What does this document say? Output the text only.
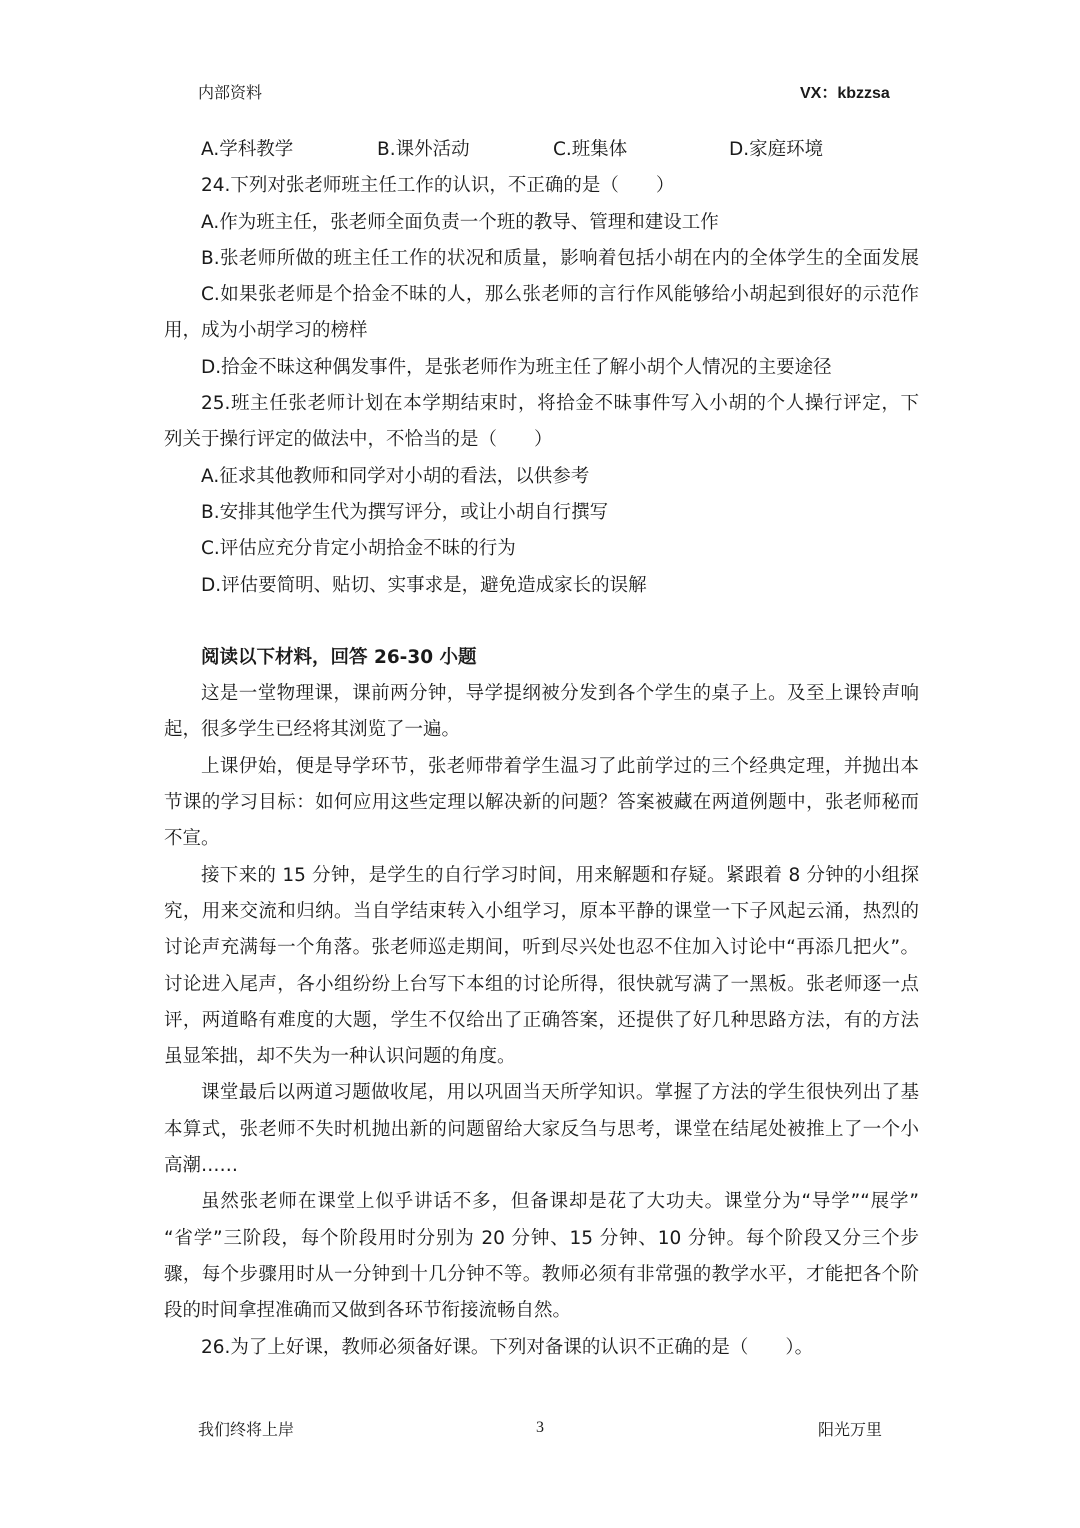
内部资料	VX：kbzzsa
A.学科教学	B.课外活动	C.班集体	D.家庭环境
24.下列对张老师班主任工作的认识，不正确的是（　　）
A.作为班主任，张老师全面负责一个班的教导、管理和建设工作
B.张老师所做的班主任工作的状况和质量，影响着包括小胡在内的全体学生的全面发展
C.如果张老师是个拾金不昧的人，那么张老师的言行作风能够给小胡起到很好的示范作
用，成为小胡学习的榜样
D.拾金不昧这种偶发事件，是张老师作为班主任了解小胡个人情况的主要途径
25.班主任张老师计划在本学期结束时，将拾金不昧事件写入小胡的个人操行评定，下
列关于操行评定的做法中，不恰当的是（　　）
A.征求其他教师和同学对小胡的看法，以供参考
B.安排其他学生代为撰写评分，或让小胡自行撰写
C.评估应充分肯定小胡拾金不昧的行为
D.评估要简明、贴切、实事求是，避免造成家长的误解
阅读以下材料，回答 26-30 小题
这是一堂物理课，课前两分钟，导学提纲被分发到各个学生的桌子上。及至上课铃声响
起，很多学生已经将其浏览了一遍。
上课伊始，便是导学环节，张老师带着学生温习了此前学过的三个经典定理，并抛出本
节课的学习目标：如何应用这些定理以解决新的问题？答案被藏在两道例题中，张老师秘而
不宣。
接下来的 15 分钟，是学生的自行学习时间，用来解题和存疑。紧跟着 8 分钟的小组探
究，用来交流和归纳。当自学结束转入小组学习，原本平静的课堂一下子风起云涌，热烈的
讨论声充满每一个角落。张老师巡走期间，听到尽兴处也忍不住加入讨论中“再添几把火”。
讨论进入尾声，各小组纷纷上台写下本组的讨论所得，很快就写满了一黑板。张老师逐一点
评，两道略有难度的大题，学生不仅给出了正确答案，还提供了好几种思路方法，有的方法
虽显笨拙，却不失为一种认识问题的角度。
课堂最后以两道习题做收尾，用以巩固当天所学知识。掌握了方法的学生很快列出了基
本算式，张老师不失时机抛出新的问题留给大家反刍与思考，课堂在结尾处被推上了一个小
高潮……
虽然张老师在课堂上似乎讲话不多，但备课却是花了大功夫。课堂分为“导学”“展学”
“省学”三阶段，每个阶段用时分别为 20 分钟、15 分钟、10 分钟。每个阶段又分三个步
骤，每个步骤用时从一分钟到十几分钟不等。教师必须有非常强的教学水平，才能把各个阶
段的时间拿捏准确而又做到各环节衔接流畅自然。
26.为了上好课，教师必须备好课。下列对备课的认识不正确的是（　　）。
我们终将上岸	3	阳光万里
